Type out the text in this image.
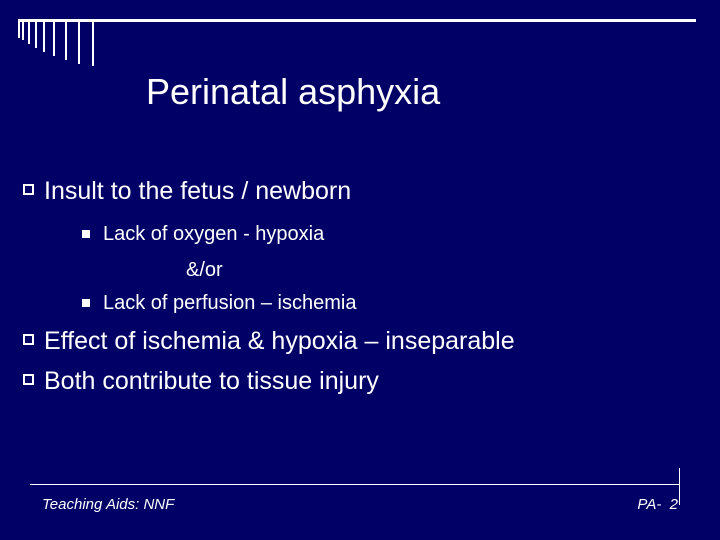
Perinatal asphyxia
Insult to the fetus / newborn
Lack of oxygen - hypoxia
&/or
Lack of perfusion – ischemia
Effect of ischemia & hypoxia – inseparable
Both contribute to tissue injury
Teaching Aids: NNF	PA-  2
